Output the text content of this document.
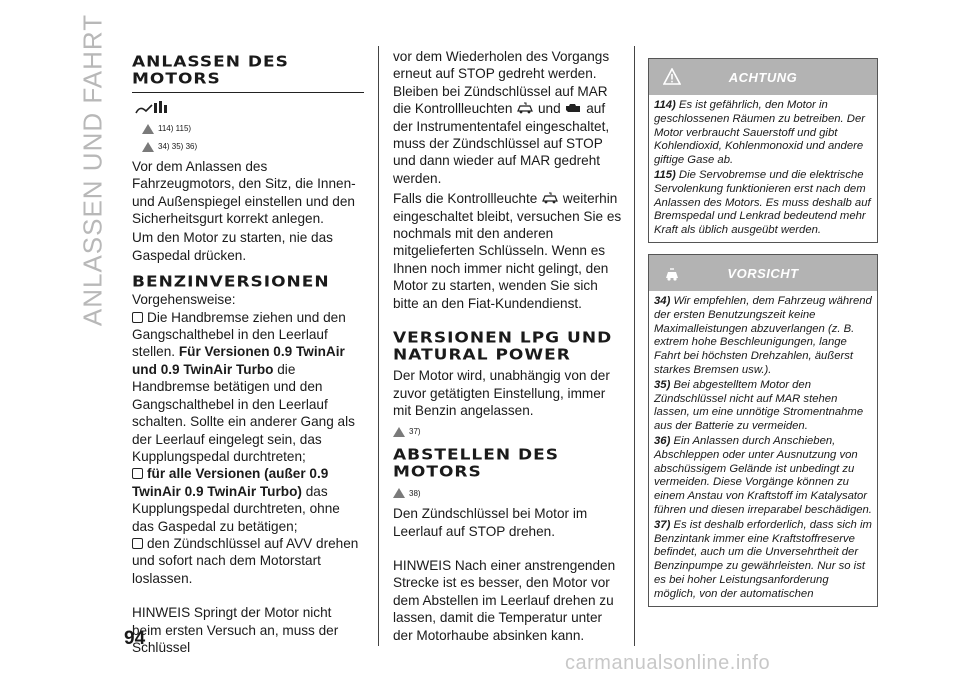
ANLASSEN UND FAHRT ANLASSEN DES
MOTORS
114) 115)
34) 35) 36)

Vor dem Anlassen des Fahrzeugmotors, den Sitz, die Innen- und Außenspiegel einstellen und den Sicherheitsgurt korrekt anlegen.

Um den Motor zu starten, nie das Gaspedal drücken.

BENZINVERSIONEN

Vorgehensweise:

Die Handbremse ziehen und den Gangschalthebel in den Leerlauf stellen. Für Versionen 0.9 TwinAir und 0.9 TwinAir Turbo die Handbremse betätigen und den Gangschalthebel in den Leerlauf schalten. Sollte ein anderer Gang als der Leerlauf eingelegt sein, das Kupplungspedal durchtreten;

für alle Versionen (außer 0.9 TwinAir 0.9 TwinAir Turbo) das Kupplungspedal durchtreten, ohne das Gaspedal zu betätigen;

den Zündschlüssel auf AVV drehen und sofort nach dem Motorstart loslassen.

HINWEIS Springt der Motor nicht beim ersten Versuch an, muss der Schlüssel

vor dem Wiederholen des Vorgangs erneut auf STOP gedreht werden.

Bleiben bei Zündschlüssel auf MAR die Kontrollleuchten und auf der Instrumententafel eingeschaltet, muss der Zündschlüssel auf STOP und dann wieder auf MAR gedreht werden.

Falls die Kontrollleuchte weiterhin eingeschaltet bleibt, versuchen Sie es nochmals mit den anderen mitgelieferten Schlüsseln. Wenn es Ihnen noch immer nicht gelingt, den Motor zu starten, wenden Sie sich bitte an den Fiat-Kundendienst.

VERSIONEN LPG UND
NATURAL POWER

Der Motor wird, unabhängig von der zuvor getätigten Einstellung, immer mit Benzin angelassen.

37)
ABSTELLEN DES
MOTORS
38)

Den Zündschlüssel bei Motor im Leerlauf auf STOP drehen.

HINWEIS Nach einer anstrengenden Strecke ist es besser, den Motor vor dem Abstellen im Leerlauf drehen zu lassen, damit die Temperatur unter der Motorhaube absinken kann.

ACHTUNG

114) Es ist gefährlich, den Motor in geschlossenen Räumen zu betreiben. Der Motor verbraucht Sauerstoff und gibt Kohlendioxid, Kohlenmonoxid und andere giftige Gase ab.

115) Die Servobremse und die elektrische Servolenkung funktionieren erst nach dem Anlassen des Motors. Es muss deshalb auf Bremspedal und Lenkrad bedeutend mehr Kraft als üblich ausgeübt werden.

VORSICHT

34) Wir empfehlen, dem Fahrzeug während der ersten Benutzungszeit keine Maximalleistungen abzuverlangen (z. B. extrem hohe Beschleunigungen, lange Fahrt bei höchsten Drehzahlen, äußerst starkes Bremsen usw.).

35) Bei abgestelltem Motor den Zündschlüssel nicht auf MAR stehen lassen, um eine unnötige Stromentnahme aus der Batterie zu vermeiden.

36) Ein Anlassen durch Anschieben, Abschleppen oder unter Ausnutzung von abschüssigem Gelände ist unbedingt zu vermeiden. Diese Vorgänge können zu einem Anstau von Kraftstoff im Katalysator führen und diesen irreparabel beschädigen.

37) Es ist deshalb erforderlich, dass sich im Benzintank immer eine Kraftstoffreserve befindet, auch um die Unversehrtheit der Benzinpumpe zu gewährleisten. Nur so ist es bei hoher Leistungsanforderung möglich, von der automatischen

94
carmanualsonline.info
